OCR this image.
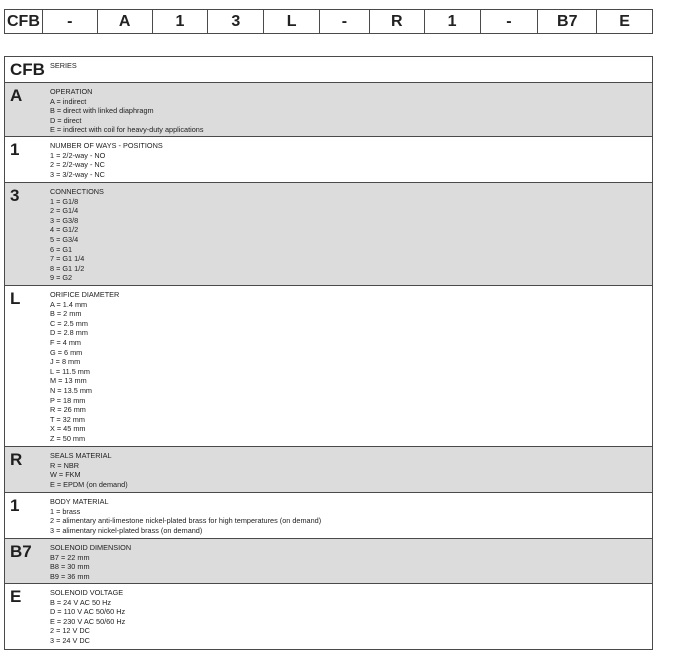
CFB	-	A	1	3	L	-	R	1	-	B7	E
CFB SERIES
A	OPERATION
A = indirect
B = direct with linked diaphragm
D = direct
E = indirect with coil for heavy-duty applications
1	NUMBER OF WAYS - POSITIONS
1 = 2/2-way - NO
2 = 2/2-way - NC
3 = 3/2-way - NC
3	CONNECTIONS
1 = G1/8
2 = G1/4
3 = G3/8
4 = G1/2
5 = G3/4
6 = G1
7 = G1 1/4
8 = G1 1/2
9 = G2
L	ORIFICE DIAMETER
A = 1.4 mm
B = 2 mm
C = 2.5 mm
D = 2.8 mm
F = 4 mm
G = 6 mm
J = 8 mm
L = 11.5 mm
M = 13 mm
N = 13.5 mm
P = 18 mm
R = 26 mm
T = 32 mm
X = 45 mm
Z = 50 mm
R	SEALS MATERIAL
R = NBR
W = FKM
E = EPDM (on demand)
1	BODY MATERIAL
1 = brass
2 = alimentary anti-limestone nickel-plated brass for high temperatures (on demand)
3 = alimentary nickel-plated brass (on demand)
B7	SOLENOID DIMENSION
B7 = 22 mm
B8 = 30 mm
B9 = 36 mm
E	SOLENOID VOLTAGE
B = 24 V AC 50 Hz
D = 110 V AC 50/60 Hz
E = 230 V AC 50/60 Hz
2 = 12 V DC
3 = 24 V DC
